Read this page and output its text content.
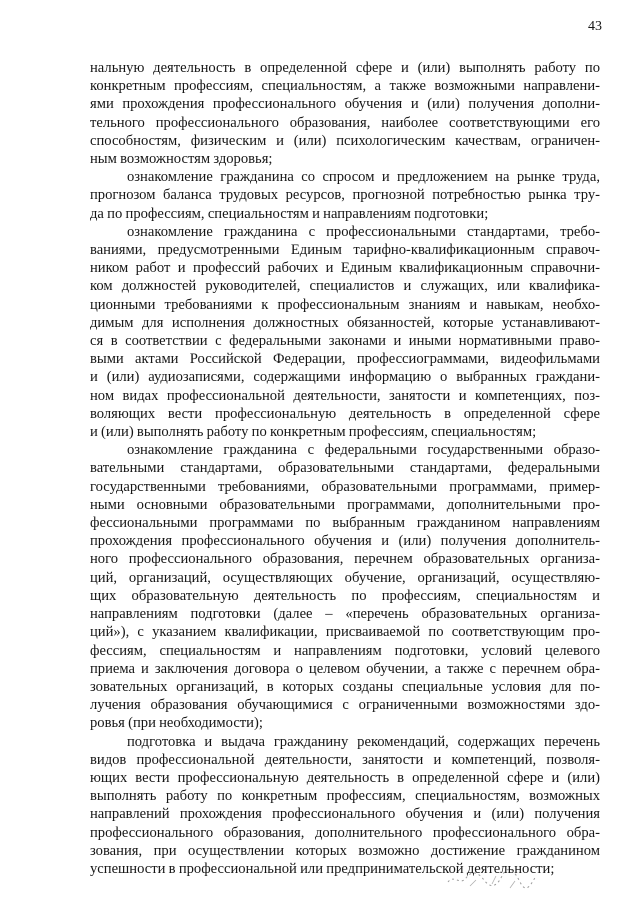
43

нальную деятельность в определенной сфере и (или) выполнять работу по
конкретным профессиям, специальностям, а также возможными направлени-
ями прохождения профессионального обучения и (или) получения дополни-
тельного профессионального образования, наиболее соответствующими его
способностям, физическим и (или) психологическим качествам, ограничен-
ным возможностям здоровья;

ознакомление гражданина со спросом и предложением на рынке труда,
прогнозом баланса трудовых ресурсов, прогнозной потребностью рынка тру-
да по профессиям, специальностям и направлениям подготовки;

ознакомление гражданина с профессиональными стандартами, требо-
ваниями, предусмотренными Единым тарифно-квалификационным справоч-
ником работ и профессий рабочих и Единым квалификационным справочни-
ком должностей руководителей, специалистов и служащих, или квалифика-
ционными требованиями к профессиональным знаниям и навыкам, необхо-
димым для исполнения должностных обязанностей, которые устанавливают-
ся в соответствии с федеральными законами и иными нормативными право-
выми актами Российской Федерации, профессиограммами, видеофильмами
и (или) аудиозаписями, содержащими информацию о выбранных граждани-
ном видах профессиональной деятельности, занятости и компетенциях, поз-
воляющих вести профессиональную деятельность в определенной сфере
и (или) выполнять работу по конкретным профессиям, специальностям;

ознакомление гражданина с федеральными государственными образо-
вательными стандартами, образовательными стандартами, федеральными
государственными требованиями, образовательными программами, пример-
ными основными образовательными программами, дополнительными про-
фессиональными программами по выбранным гражданином направлениям
прохождения профессионального обучения и (или) получения дополнитель-
ного профессионального образования, перечнем образовательных организа-
ций, организаций, осуществляющих обучение, организаций, осуществляю-
щих образовательную деятельность по профессиям, специальностям и
направлениям подготовки (далее – «перечень образовательных организа-
ций»), с указанием квалификации, присваиваемой по соответствующим про-
фессиям, специальностям и направлениям подготовки, условий целевого
приема и заключения договора о целевом обучении, а также с перечнем обра-
зовательных организаций, в которых созданы специальные условия для по-
лучения образования обучающимися с ограниченными возможностями здо-
ровья (при необходимости);

подготовка и выдача гражданину рекомендаций, содержащих перечень
видов профессиональной деятельности, занятости и компетенций, позволя-
ющих вести профессиональную деятельность в определенной сфере и (или)
выполнять работу по конкретным профессиям, специальностям, возможных
направлений прохождения профессионального обучения и (или) получения
профессионального образования, дополнительного профессионального обра-
зования, при осуществлении которых возможно достижение гражданином
успешности в профессиональной или предпринимательской деятельности;
